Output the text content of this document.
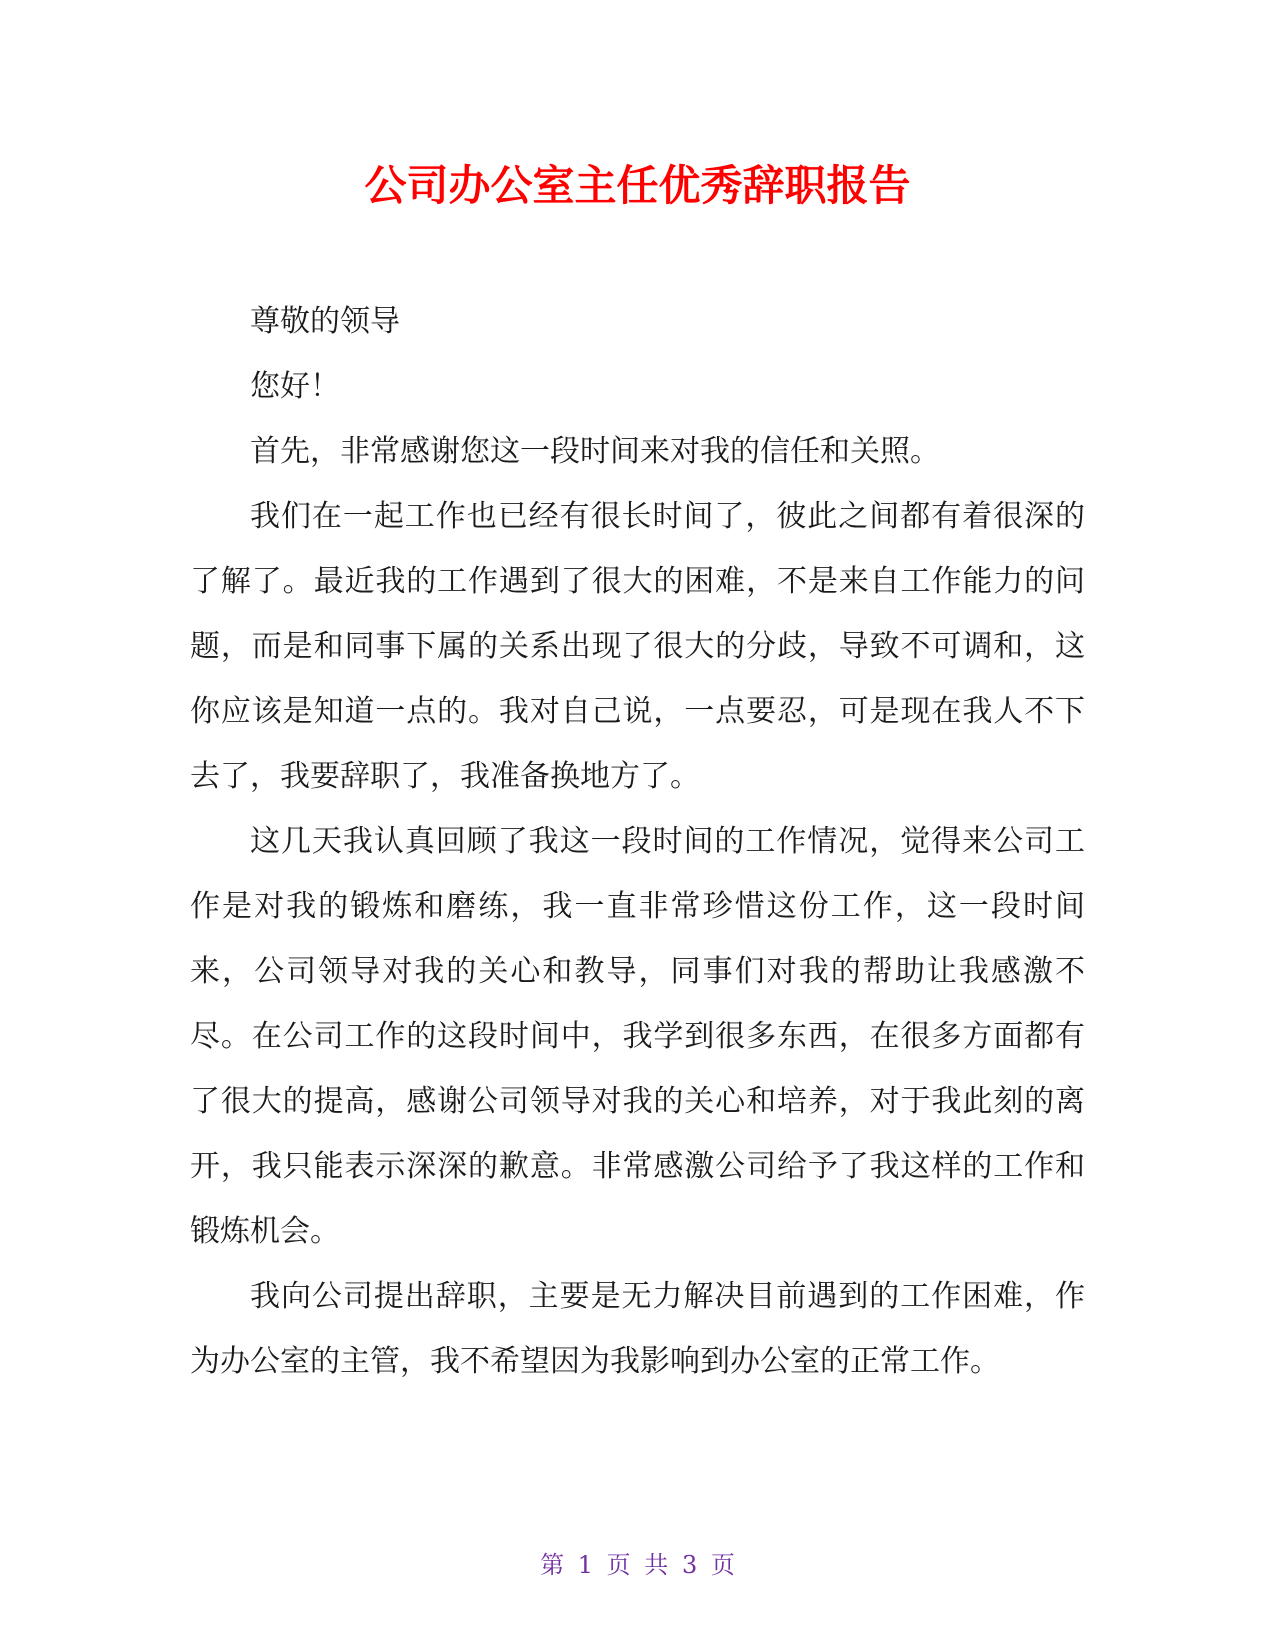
公司办公室主任优秀辞职报告

尊敬的领导

您好！

首先，非常感谢您这一段时间来对我的信任和关照。

我们在一起工作也已经有很长时间了，彼此之间都有着很深的了解了。最近我的工作遇到了很大的困难，不是来自工作能力的问题，而是和同事下属的关系出现了很大的分歧，导致不可调和，这你应该是知道一点的。我对自己说，一点要忍，可是现在我人不下去了，我要辞职了，我准备换地方了。

这几天我认真回顾了我这一段时间的工作情况，觉得来公司工作是对我的锻炼和磨练，我一直非常珍惜这份工作，这一段时间来，公司领导对我的关心和教导，同事们对我的帮助让我感激不尽。在公司工作的这段时间中，我学到很多东西，在很多方面都有了很大的提高，感谢公司领导对我的关心和培养，对于我此刻的离开，我只能表示深深的歉意。非常感激公司给予了我这样的工作和锻炼机会。

我向公司提出辞职，主要是无力解决目前遇到的工作困难，作为办公室的主管，我不希望因为我影响到办公室的正常工作。

第 1 页 共 3 页
